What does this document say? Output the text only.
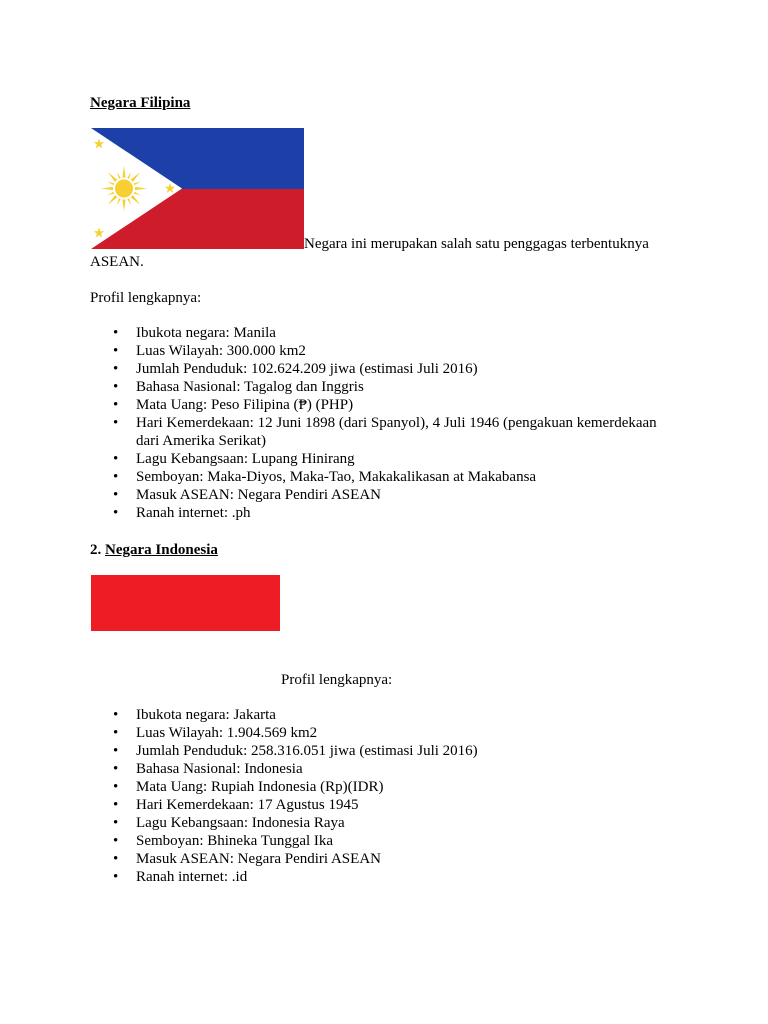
Negara Filipina
Negara ini merupakan salah satu penggagas terbentuknya
ASEAN.
Profil lengkapnya:
• Ibukota negara: Manila
• Luas Wilayah: 300.000 km2
• Jumlah Penduduk: 102.624.209 jiwa (estimasi Juli 2016)
• Bahasa Nasional: Tagalog dan Inggris
• Mata Uang: Peso Filipina (₱) (PHP)
• Hari Kemerdekaan: 12 Juni 1898 (dari Spanyol), 4 Juli 1946 (pengakuan kemerdekaan dari Amerika Serikat)
• Lagu Kebangsaan: Lupang Hinirang
• Semboyan: Maka-Diyos, Maka-Tao, Makakalikasan at Makabansa
• Masuk ASEAN: Negara Pendiri ASEAN
• Ranah internet: .ph
2. Negara Indonesia
Profil lengkapnya:
• Ibukota negara: Jakarta
• Luas Wilayah: 1.904.569 km2
• Jumlah Penduduk: 258.316.051 jiwa (estimasi Juli 2016)
• Bahasa Nasional: Indonesia
• Mata Uang: Rupiah Indonesia (Rp)(IDR)
• Hari Kemerdekaan: 17 Agustus 1945
• Lagu Kebangsaan: Indonesia Raya
• Semboyan: Bhineka Tunggal Ika
• Masuk ASEAN: Negara Pendiri ASEAN
• Ranah internet: .id
